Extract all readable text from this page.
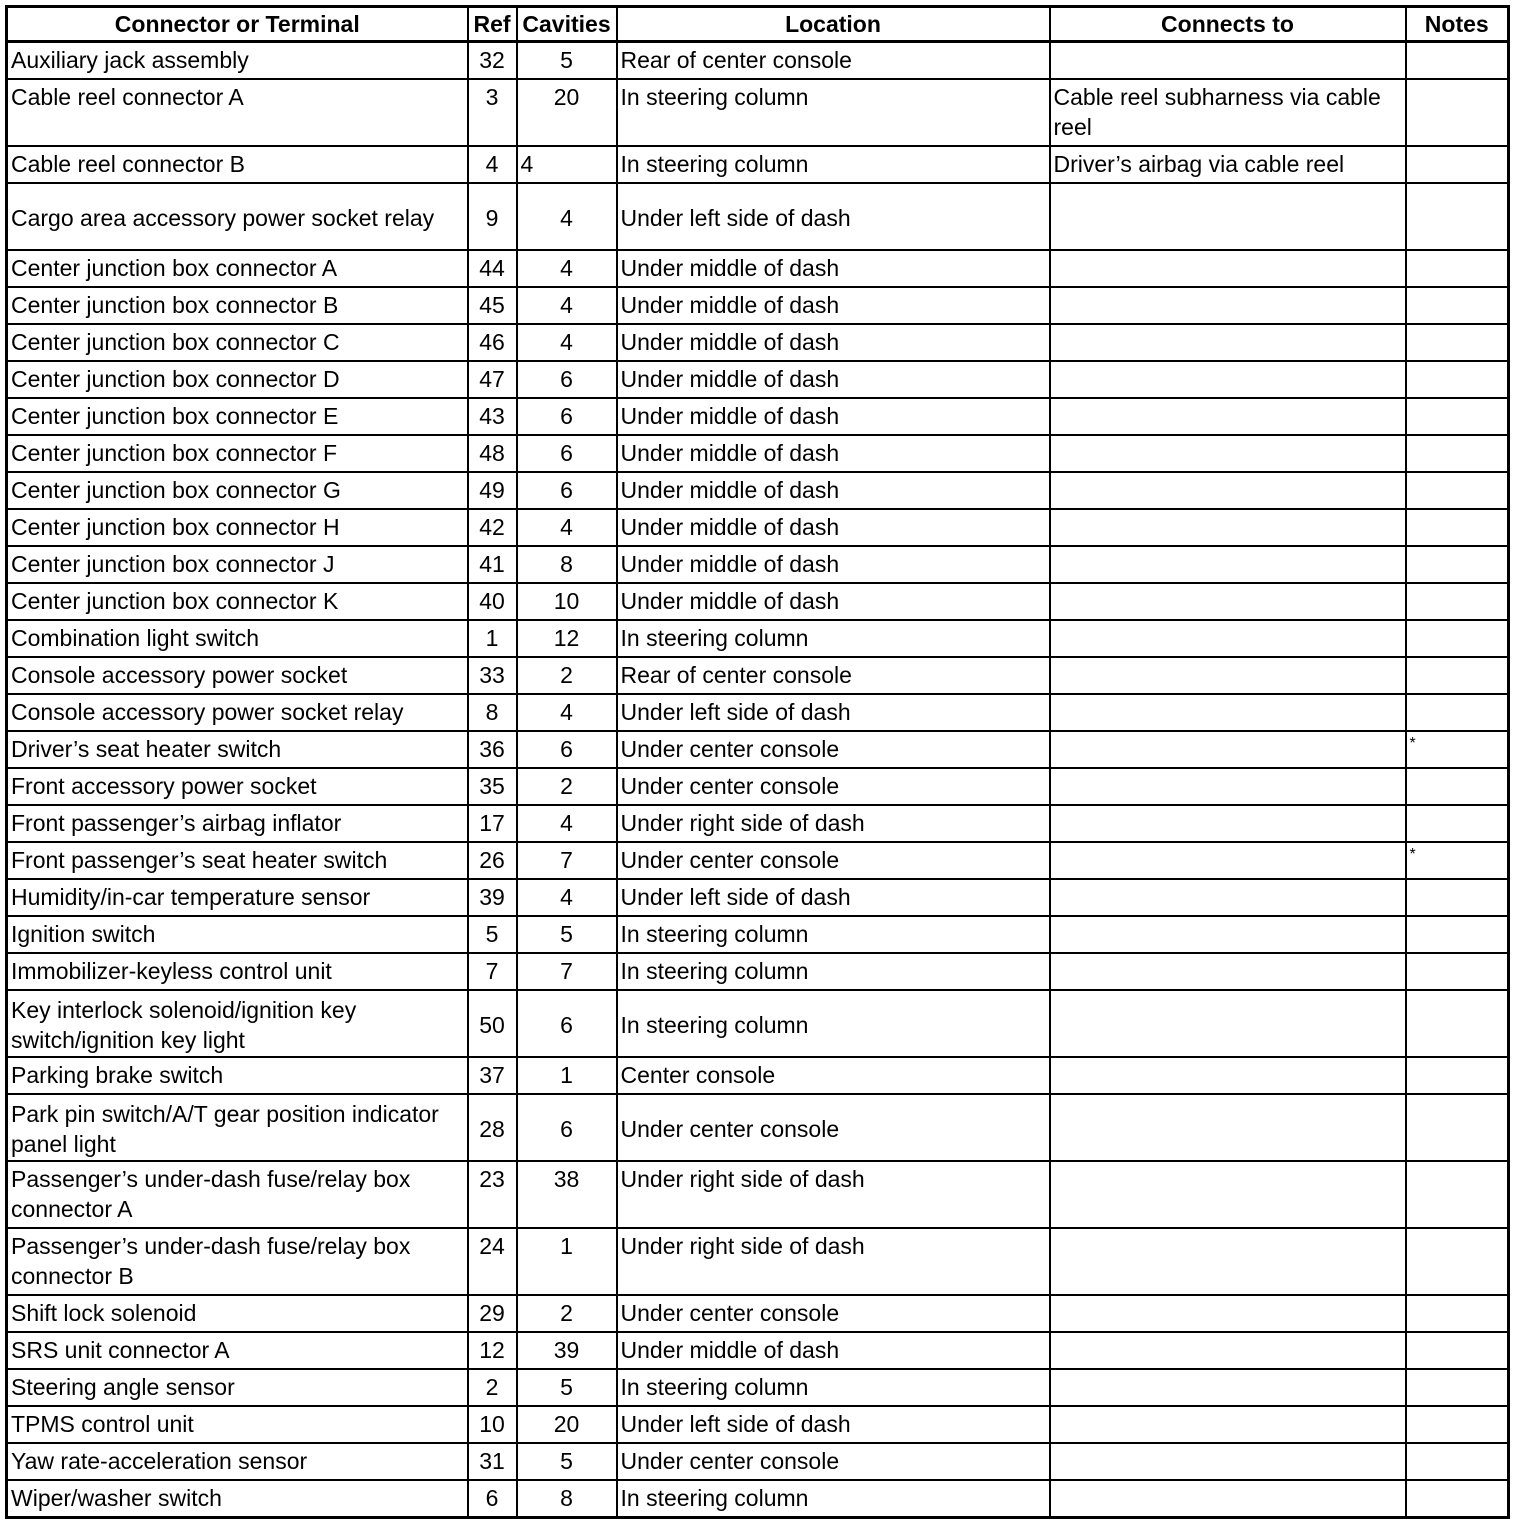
Connector or Terminal	Ref	Cavities	Location	Connects to	Notes
Auxiliary jack assembly	32	5	Rear of center console		
Cable reel connector A	3	20	In steering column	Cable reel subharness via cable reel	
Cable reel connector B	4	4	In steering column	Driver’s airbag via cable reel	
Cargo area accessory power socket relay	9	4	Under left side of dash		
Center junction box connector A	44	4	Under middle of dash		
Center junction box connector B	45	4	Under middle of dash		
Center junction box connector C	46	4	Under middle of dash		
Center junction box connector D	47	6	Under middle of dash		
Center junction box connector E	43	6	Under middle of dash		
Center junction box connector F	48	6	Under middle of dash		
Center junction box connector G	49	6	Under middle of dash		
Center junction box connector H	42	4	Under middle of dash		
Center junction box connector J	41	8	Under middle of dash		
Center junction box connector K	40	10	Under middle of dash		
Combination light switch	1	12	In steering column		
Console accessory power socket	33	2	Rear of center console		
Console accessory power socket relay	8	4	Under left side of dash		
Driver’s seat heater switch	36	6	Under center console		*
Front accessory power socket	35	2	Under center console		
Front passenger’s airbag inflator	17	4	Under right side of dash		
Front passenger’s seat heater switch	26	7	Under center console		*
Humidity/in-car temperature sensor	39	4	Under left side of dash		
Ignition switch	5	5	In steering column		
Immobilizer-keyless control unit	7	7	In steering column		
Key interlock solenoid/ignition key switch/ignition key light	50	6	In steering column		
Parking brake switch	37	1	Center console		
Park pin switch/A/T gear position indicator panel light	28	6	Under center console		
Passenger’s under-dash fuse/relay box connector A	23	38	Under right side of dash		
Passenger’s under-dash fuse/relay box connector B	24	1	Under right side of dash		
Shift lock solenoid	29	2	Under center console		
SRS unit connector A	12	39	Under middle of dash		
Steering angle sensor	2	5	In steering column		
TPMS control unit	10	20	Under left side of dash		
Yaw rate-acceleration sensor	31	5	Under center console		
Wiper/washer switch	6	8	In steering column		
